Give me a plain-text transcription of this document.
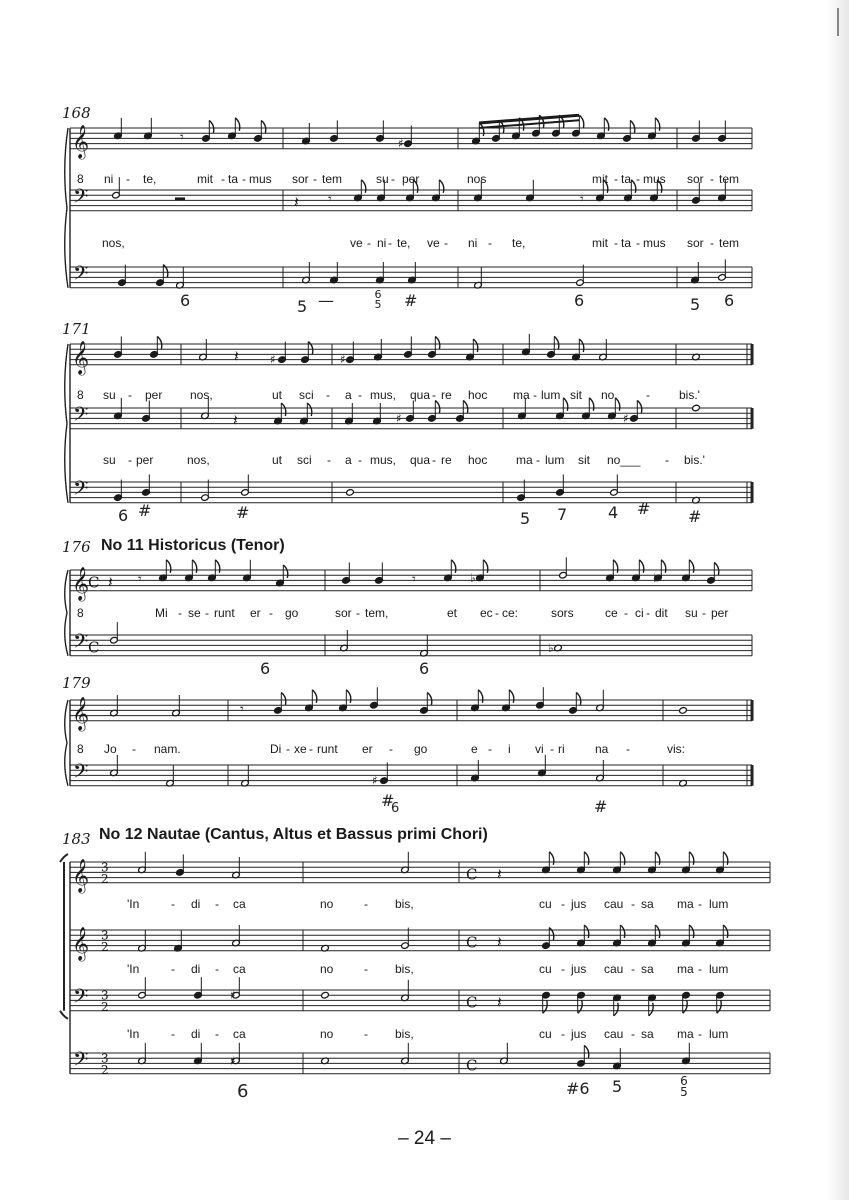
𝄞
𝄢
𝄢
♯
𝄾
𝄽 𝄾	𝄾
𝄞
𝄢
𝄢
𝄽	♯	♯
𝄽	♯	♯
𝄞
𝄢
C
C
𝄽 𝄾	𝄾	♭
♭
♭
𝄞
𝄢
𝄾
♯
𝄞
𝄞
𝄢
𝄢
3
2	C
3
2	C
3
2	C
3
2	C
𝄽
𝄽
𝄽
♯
♯
168
8 ni - te,	mit - ta - mus sor - tem	su - per	nos	mit - ta - mus sor - tem
nos,	ve - ni - te, ve - ni - te,	mit - ta - mus sor - tem
6	5 —	6 5 #	6	5 6
171
8 su - per nos,	ut sci - a - mus, qua - re hoc ma - lum sit no	- bis.'
su - per	nos,	ut sci - a - mus, qua - re hoc ma - lum sit no___ - bis.'
6 #	#	5 7	4 # #
176 No 11 Historicus (Tenor)
8	Mi - se - runt er - go	sor - tem,	et ec - ce:	sors	ce - ci - dit su - per
6	6
179
8 Jo - nam.	Di - xe - runt er - go	e - i vi - ri	na -	vis:
#
6	#
183 No 12 Nautae (Cantus, Altus et Bassus primi Chori)
'In	- di - ca	no	- bis,	cu - jus cau - sa ma - lum
'In	- di - ca	no	- bis,	cu - jus cau - sa ma - lum
'In	- di - ca	no	- bis,	cu - jus cau - sa ma - lum
6	#6 5	6 5
– 24 –
